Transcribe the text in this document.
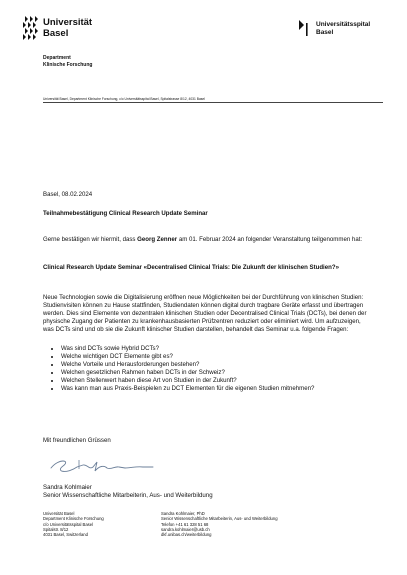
Universität
Basel
Department
Klinische Forschung
Universitätsspital
Basel
Universität Basel, Department Klinische Forschung, c/o Universitätsspital Basel, Spitalstrasse 8/12, 4031 Basel
Basel, 08.02.2024
Teilnahmebestätigung Clinical Research Update Seminar
Gerne bestätigen wir hiermit, dass Georg Zenner am 01. Februar 2024 an folgender Veranstaltung teilgenommen hat:
Clinical Research Update Seminar «Decentralised Clinical Trials: Die Zukunft der klinischen Studien?»
Neue Technologien sowie die Digitalisierung eröffnen neue Möglichkeiten bei der Durchführung von klinischen Studien: Studienvisiten können zu Hause stattfinden, Studiendaten können digital durch tragbare Geräte erfasst und übertragen werden. Dies sind Elemente von dezentralen klinischen Studien oder Decentralised Clinical Trials (DCTs), bei denen der physische Zugang der Patienten zu krankenhausbasierten Prüfzentren reduziert oder eliminiert wird. Um aufzuzeigen, was DCTs sind und ob sie die Zukunft klinischer Studien darstellen, behandelt das Seminar u.a. folgende Fragen:
• Was sind DCTs sowie Hybrid DCTs?
• Welche wichtigen DCT Elemente gibt es?
• Welche Vorteile und Herausforderungen bestehen?
• Welchen gesetzlichen Rahmen haben DCTs in der Schweiz?
• Welchen Stellenwert haben diese Art von Studien in der Zukunft?
• Was kann man aus Praxis-Beispielen zu DCT Elementen für die eigenen Studien mitnehmen?
Mit freundlichen Grüssen
Sandra Kohlmaier
Senior Wissenschaftliche Mitarbeiterin, Aus- und Weiterbildung
Universität Basel
Department Klinische Forschung
c/o Universitätsspital Basel
Spitalstr. 8/12
4031 Basel, Switzerland
Sandra Kohlmaier, PhD
Senior Wissenschaftliche Mitarbeiterin, Aus- und Weiterbildung
Telefon +41 61 328 51 68
sandra.kohlmaier@usb.ch
dkf.unibas.ch/weiterbildung
